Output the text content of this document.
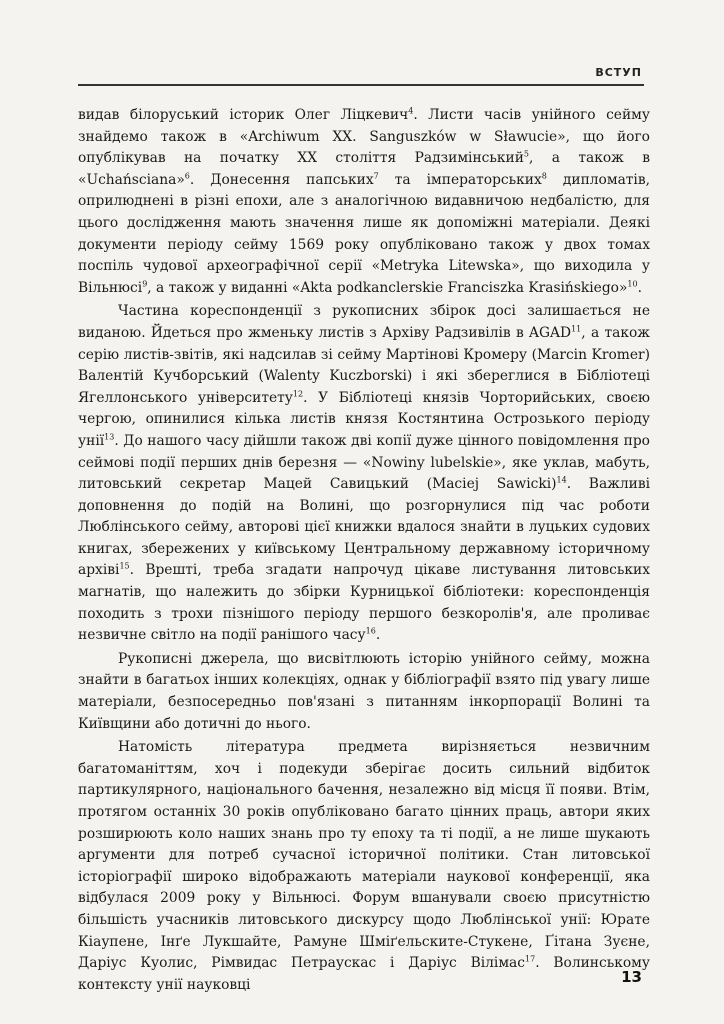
ВСТУП

видав білоруський історик Олег Ліцкевич$^4$. Листи часів унійного сейму знайдемо також в «Archiwum XX. Sanguszków w Sławucie», що його опублікував на початку XX століття Радзимінський$^5$, а також в «Uchańsciana»$^6$. Донесення папських$^7$ та імператорських$^8$ дипломатів, оприлюднені в різні епохи, але з аналогічною видавничою недбалістю, для цього дослідження мають значення лише як допоміжні матеріали. Деякі документи періоду сейму 1569 року опубліковано також у двох томах поспіль чудової археографічної серії «Metryka Litewska», що виходила у Вільнюсі$^9$, а також у виданні «Akta podkanclerskie Franciszka Krasińskiego»$^{10}$.

Частина кореспонденції з рукописних збірок досі залишається не виданою. Йдеться про жменьку листів з Архіву Радзивілів в AGAD$^{11}$, а також серію листів-звітів, які надсилав зі сейму Мартінові Кромеру (Marcin Kromer) Валентій Кучборський (Walenty Kuczborski) і які збереглися в Бібліотеці Ягеллонського університету$^{12}$. У Бібліотеці князів Чорторийських, своєю чергою, опинилися кілька листів князя Костянтина Острозького періоду унії$^{13}$. До нашого часу дійшли також дві копії дуже цінного повідомлення про сеймові події перших днів березня — «Nowiny lubelskie», яке уклав, мабуть, литовський секретар Мацей Савицький (Maciej Sawicki)$^{14}$. Важливі доповнення до подій на Волині, що розгорнулися під час роботи Люблінського сейму, авторові цієї книжки вдалося знайти в луцьких судових книгах, збережених у київському Центральному державному історичному архіві$^{15}$. Врешті, треба згадати напрочуд цікаве листування литовських магнатів, що належить до збірки Курницької бібліотеки: кореспонденція походить з трохи пізнішого періоду першого безкоролів'я, але проливає незвичне світло на події ранішого часу$^{16}$.

Рукописні джерела, що висвітлюють історію унійного сейму, можна знайти в багатьох інших колекціях, однак у бібліографії взято під увагу лише матеріали, безпосередньо пов'язані з питанням інкорпорації Волині та Київщини або дотичні до нього.

Натомість література предмета вирізняється незвичним багатоманіттям, хоч і подекуди зберігає досить сильний відбиток партикулярного, національного бачення, незалежно від місця її появи. Втім, протягом останніх 30 років опубліковано багато цінних праць, автори яких розширюють коло наших знань про ту епоху та ті події, а не лише шукають аргументи для потреб сучасної історичної політики. Стан литовської історіографії широко відображають матеріали наукової конференції, яка відбулася 2009 року у Вільнюсі. Форум вшанували своєю присутністю більшість учасників литовського дискурсу щодо Люблінської унії: Юрате Кіаупене, Інґе Лукшайте, Рамуне Шміґельските-Стукене, Ґітана Зуєне, Даріус Куолис, Рімвидас Петраускас і Даріус Вілімас$^{17}$. Волинському контексту унії науковці	13
